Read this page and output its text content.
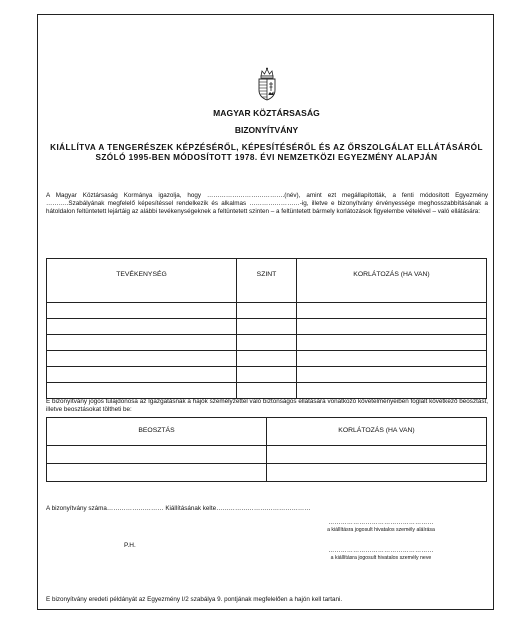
MAGYAR KÖZTÁRSASÁG
BIZONYÍTVÁNY
KIÁLLÍTVA A TENGERÉSZEK KÉPZÉSÉRŐL, KÉPESÍTÉSÉRŐL ÉS AZ ŐRSZOLGÁLAT ELLÁTÁSÁRÓL SZÓLÓ 1995-BEN MÓDOSÍTOTT 1978. ÉVI NEMZETKÖZI EGYEZMÉNY ALAPJÁN
A Magyar Köztársaság Kormánya igazolja, hogy ……………………………….(név), amint ezt megállapították, a fenti módosított Egyezmény ………..Szabályának megfelelő képesítéssel rendelkezik és alkalmas ……………………-ig, illetve e bizonyítvány érvényessége meghosszabbításának a hátoldalon feltüntetett lejártáig az alábbi tevékenységeknek a feltüntetett szinten – a feltüntetett bármely korlátozások figyelembe vételével – való ellátására:
TEVÉKENYSÉG	SZINT	KORLÁTOZÁS (HA VAN)

E bizonyítvány jogos tulajdonosa az Igazgatásnak a hajók személyzettel való biztonságos ellátására vonatkozó követelményeiben foglalt következő beosztást, illetve beosztásokat töltheti be:
BEOSZTÁS	KORLÁTOZÁS (HA VAN)

A bizonyítvány száma……………………… Kiállításának kelte………………………………………
P.H.
……………………………………………
a kiállításra jogosult hivatalos személy aláírása
……………………………………………
a kiállításra jogosult hivatalos személy neve
E bizonyítvány eredeti példányát az Egyezmény I/2 szabálya 9. pontjának megfelelően a hajón kell tartani.
